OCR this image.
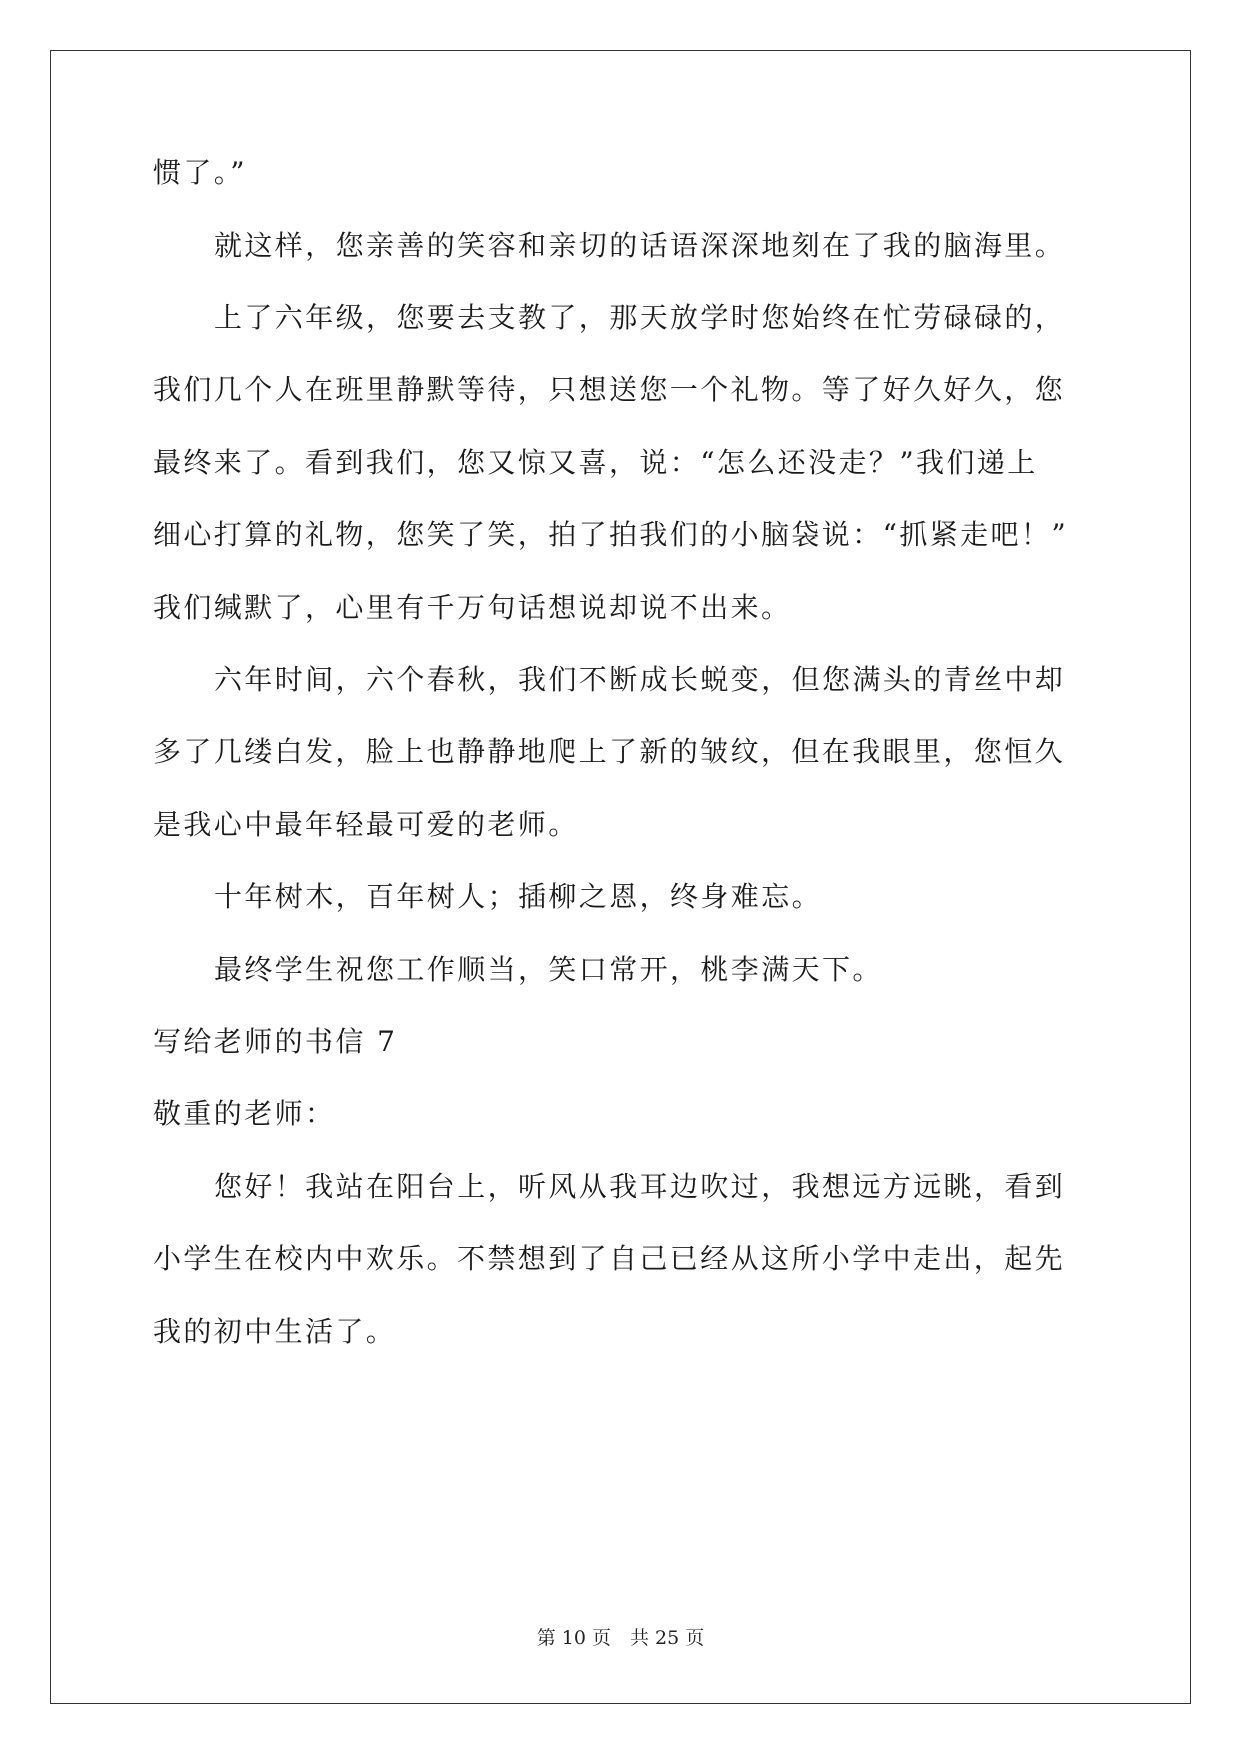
惯了。”
就这样，您亲善的笑容和亲切的话语深深地刻在了我的脑海里。
上了六年级，您要去支教了，那天放学时您始终在忙劳碌碌的，
我们几个人在班里静默等待，只想送您一个礼物。等了好久好久，您
最终来了。看到我们，您又惊又喜，说：“怎么还没走？”我们递上
细心打算的礼物，您笑了笑，拍了拍我们的小脑袋说：“抓紧走吧！”
我们缄默了，心里有千万句话想说却说不出来。
六年时间，六个春秋，我们不断成长蜕变，但您满头的青丝中却
多了几缕白发，脸上也静静地爬上了新的皱纹，但在我眼里，您恒久
是我心中最年轻最可爱的老师。
十年树木，百年树人；插柳之恩，终身难忘。
最终学生祝您工作顺当，笑口常开，桃李满天下。
写给老师的书信 7
敬重的老师：
您好！我站在阳台上，听风从我耳边吹过，我想远方远眺，看到
小学生在校内中欢乐。不禁想到了自己已经从这所小学中走出，起先
我的初中生活了。
第 10 页　共 25 页
